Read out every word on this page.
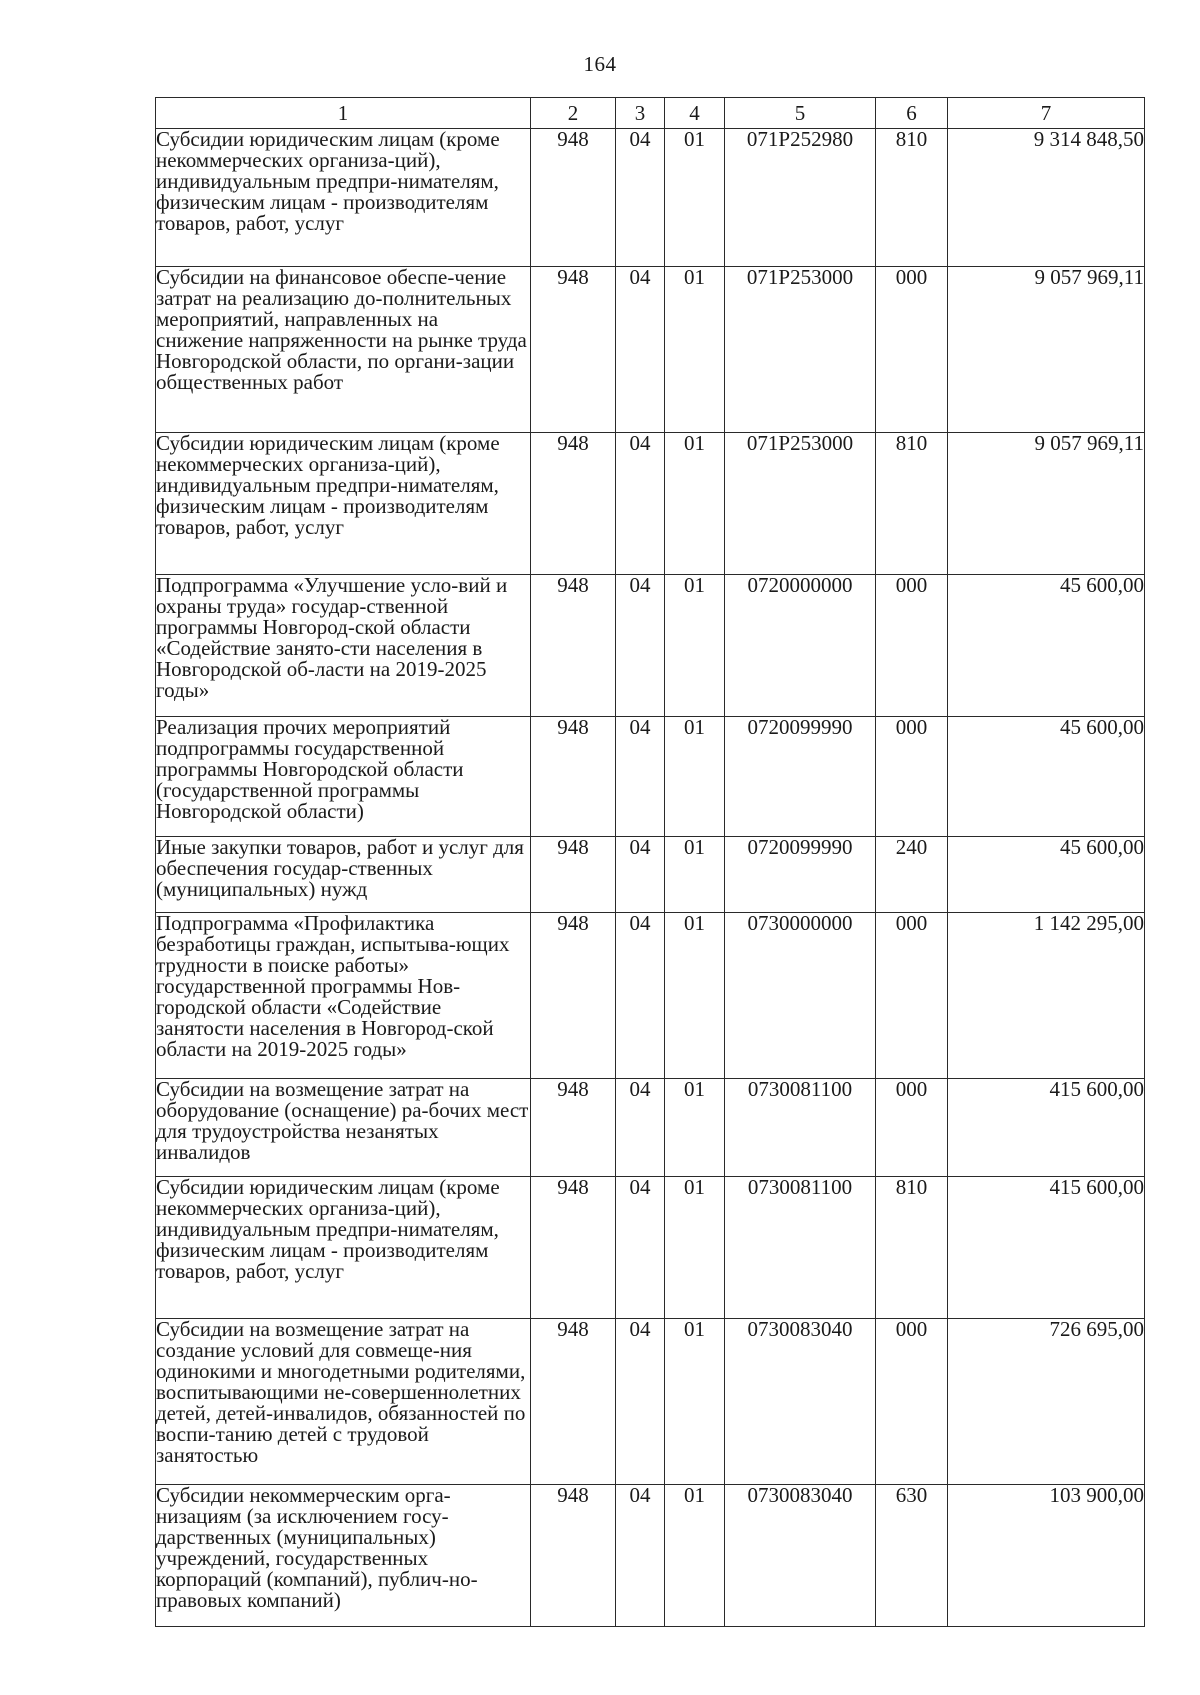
164
1	2	3	4	5	6	7
Субсидии юридическим лицам (кроме некоммерческих организа-ций), индивидуальным предпри-нимателям, физическим лицам - производителям товаров, работ, услуг	948	04	01	071P252980	810	9 314 848,50
Субсидии на финансовое обеспе-чение затрат на реализацию до-полнительных мероприятий, направленных на снижение напряженности на рынке труда Новгородской области, по органи-зации общественных работ	948	04	01	071P253000	000	9 057 969,11
Субсидии юридическим лицам (кроме некоммерческих организа-ций), индивидуальным предпри-нимателям, физическим лицам - производителям товаров, работ, услуг	948	04	01	071P253000	810	9 057 969,11
Подпрограмма «Улучшение усло-вий и охраны труда» государ-ственной программы Новгород-ской области «Содействие занято-сти населения в Новгородской об-ласти на 2019-2025 годы»	948	04	01	0720000000	000	45 600,00
Реализация прочих мероприятий подпрограммы государственной программы Новгородской области (государственной программы Новгородской области)	948	04	01	0720099990	000	45 600,00
Иные закупки товаров, работ и услуг для обеспечения государ-ственных (муниципальных) нужд	948	04	01	0720099990	240	45 600,00
Подпрограмма «Профилактика безработицы граждан, испытыва-ющих трудности в поиске работы» государственной программы Нов-городской области «Содействие занятости населения в Новгород-ской области на 2019-2025 годы»	948	04	01	0730000000	000	1 142 295,00
Субсидии на возмещение затрат на оборудование (оснащение) ра-бочих мест для трудоустройства незанятых инвалидов	948	04	01	0730081100	000	415 600,00
Субсидии юридическим лицам (кроме некоммерческих организа-ций), индивидуальным предпри-нимателям, физическим лицам - производителям товаров, работ, услуг	948	04	01	0730081100	810	415 600,00
Субсидии на возмещение затрат на создание условий для совмеще-ния одинокими и многодетными родителями, воспитывающими не-совершеннолетних детей, детей-инвалидов, обязанностей по воспи-танию детей с трудовой занятостью	948	04	01	0730083040	000	726 695,00
Субсидии некоммерческим орга-низациям (за исключением госу-дарственных (муниципальных) учреждений, государственных корпораций (компаний), публич-но-правовых компаний)	948	04	01	0730083040	630	103 900,00
